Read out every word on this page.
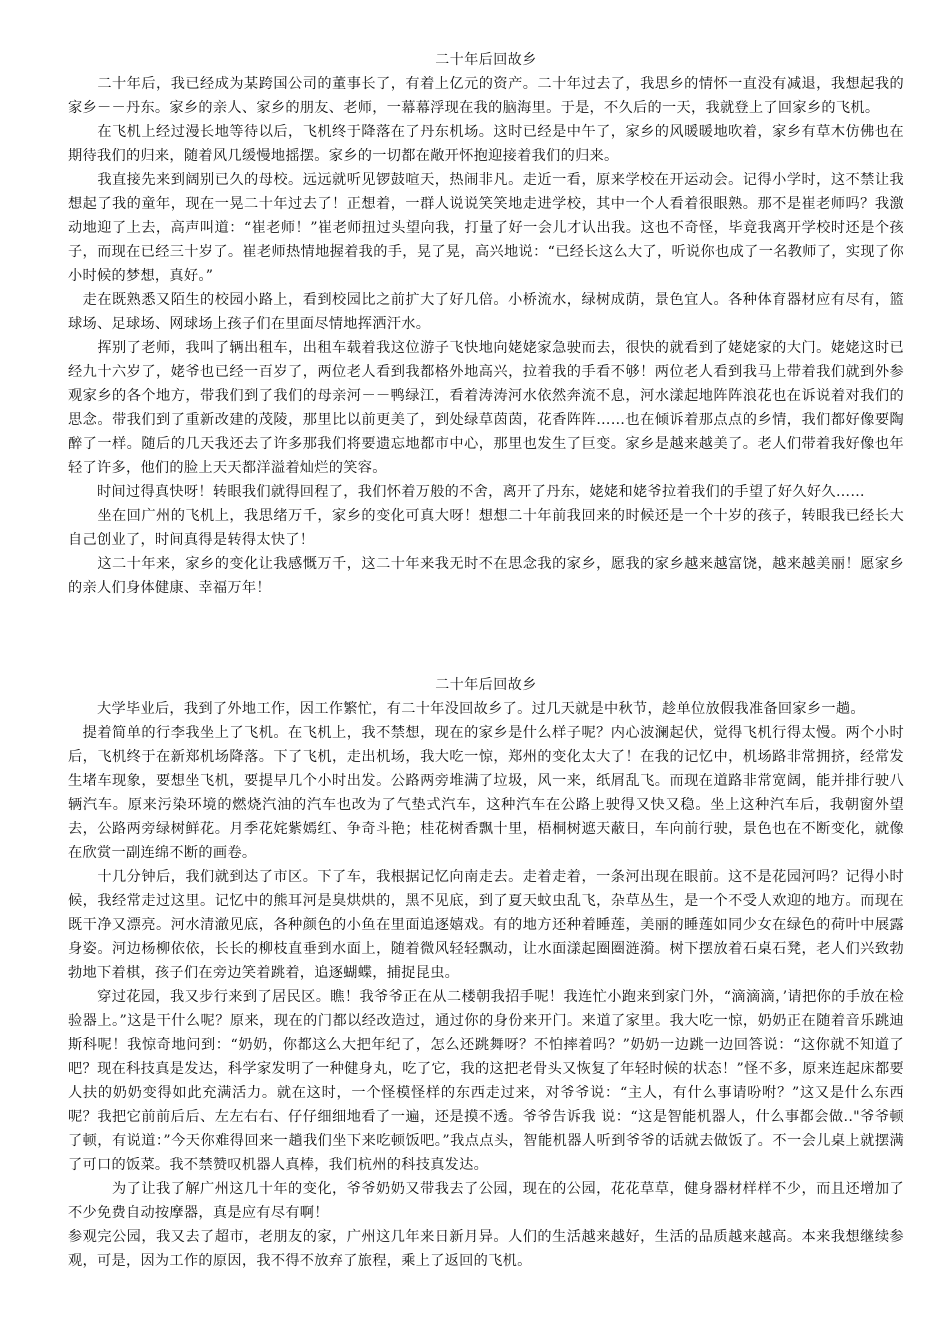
二十年后回故乡

　　二十年后，我已经成为某跨国公司的董事长了，有着上亿元的资产。二十年过去了，我思乡的情怀一直没有减退，我想起我的家乡－－丹东。家乡的亲人、家乡的朋友、老师，一幕幕浮现在我的脑海里。于是，不久后的一天，我就登上了回家乡的飞机。

　　在飞机上经过漫长地等待以后，飞机终于降落在了丹东机场。这时已经是中午了，家乡的风暖暖地吹着，家乡有草木仿佛也在期待我们的归来，随着风几缓慢地摇摆。家乡的一切都在敞开怀抱迎接着我们的归来。

　　我直接先来到阔别已久的母校。远远就听见锣鼓喧天，热闹非凡。走近一看，原来学校在开运动会。记得小学时，这不禁让我想起了我的童年，现在一晃二十年过去了！正想着，一群人说说笑笑地走进学校，其中一个人看着很眼熟。那不是崔老师吗？我激动地迎了上去，高声叫道：“崔老师！”崔老师扭过头望向我，打量了好一会儿才认出我。这也不奇怪，毕竟我离开学校时还是个孩子，而现在已经三十岁了。崔老师热情地握着我的手，晃了晃，高兴地说：“已经长这么大了，听说你也成了一名教师了，实现了你小时候的梦想，真好。”

　走在既熟悉又陌生的校园小路上，看到校园比之前扩大了好几倍。小桥流水，绿树成荫，景色宜人。各种体育器材应有尽有，篮球场、足球场、网球场上孩子们在里面尽情地挥洒汗水。

　　挥别了老师，我叫了辆出租车，出租车载着我这位游子飞快地向姥姥家急驶而去，很快的就看到了姥姥家的大门。姥姥这时已经九十六岁了，姥爷也已经一百岁了，两位老人看到我都格外地高兴，拉着我的手看不够！两位老人看到我马上带着我们就到外参观家乡的各个地方，带我们到了我们的母亲河－－鸭绿江，看着涛涛河水依然奔流不息，河水漾起地阵阵浪花也在诉说着对我们的思念。带我们到了重新改建的茂陵，那里比以前更美了，到处绿草茵茵，花香阵阵……也在倾诉着那点点的乡情，我们都好像要陶醉了一样。随后的几天我还去了许多那我们将要遗忘地都市中心，那里也发生了巨变。家乡是越来越美了。老人们带着我好像也年轻了许多，他们的脸上天天都洋溢着灿烂的笑容。

　　时间过得真快呀！转眼我们就得回程了，我们怀着万般的不舍，离开了丹东，姥姥和姥爷拉着我们的手望了好久好久……

　　坐在回广州的飞机上，我思绪万千，家乡的变化可真大呀！想想二十年前我回来的时候还是一个十岁的孩子，转眼我已经长大自己创业了，时间真得是转得太快了！

　　这二十年来，家乡的变化让我感慨万千，这二十年来我无时不在思念我的家乡，愿我的家乡越来越富饶，越来越美丽！愿家乡的亲人们身体健康、幸福万年！

二十年后回故乡

　　大学毕业后，我到了外地工作，因工作繁忙，有二十年没回故乡了。过几天就是中秋节，趁单位放假我准备回家乡一趟。

　提着简单的行李我坐上了飞机。在飞机上，我不禁想，现在的家乡是什么样子呢？内心波澜起伏，觉得飞机行得太慢。两个小时后，飞机终于在新郑机场降落。下了飞机，走出机场，我大吃一惊，郑州的变化太大了！在我的记忆中，机场路非常拥挤，经常发生堵车现象，要想坐飞机，要提早几个小时出发。公路两旁堆满了垃圾，风一来，纸屑乱飞。而现在道路非常宽阔，能并排行驶八辆汽车。原来污染环境的燃烧汽油的汽车也改为了气垫式汽车，这种汽车在公路上驶得又快又稳。坐上这种汽车后，我朝窗外望去，公路两旁绿树鲜花。月季花姹紫嫣红、争奇斗艳；桂花树香飘十里，梧桐树遮天蔽日，车向前行驶，景色也在不断变化，就像在欣赏一副连绵不断的画卷。

　　十几分钟后，我们就到达了市区。下了车，我根据记忆向南走去。走着走着，一条河出现在眼前。这不是花园河吗？记得小时候，我经常走过这里。记忆中的熊耳河是臭烘烘的，黑不见底，到了夏天蚊虫乱飞，杂草丛生，是一个不受人欢迎的地方。而现在既干净又漂亮。河水清澈见底，各种颜色的小鱼在里面追逐嬉戏。有的地方还种着睡莲，美丽的睡莲如同少女在绿色的荷叶中展露身姿。河边杨柳依依，长长的柳枝直垂到水面上，随着微风轻轻飘动，让水面漾起圈圈涟漪。树下摆放着石桌石凳，老人们兴致勃勃地下着棋，孩子们在旁边笑着跳着，追逐蝴蝶，捕捉昆虫。

　　穿过花园，我又步行来到了居民区。瞧！我爷爷正在从二楼朝我招手呢！我连忙小跑来到家门外，“滴滴滴，’请把你的手放在检验器上。”这是干什么呢？原来，现在的门都以经改造过，通过你的身份来开门。来道了家里。我大吃一惊，奶奶正在随着音乐跳迪斯科呢！我惊奇地问到：“奶奶，你都这么大把年纪了，怎么还跳舞呀？不怕摔着吗？”奶奶一边跳一边回答说：“这你就不知道了吧？现在科技真是发达，科学家发明了一种健身丸，吃了它，我的这把老骨头又恢复了年轻时候的状态！”怪不多，原来连起床都要人扶的奶奶变得如此充满活力。就在这时，一个怪模怪样的东西走过来，对爷爷说：“主人，有什么事请吩咐？”这又是什么东西呢？我把它前前后后、左左右右、仔仔细细地看了一遍，还是摸不透。爷爷告诉我 说：“这是智能机器人，什么事都会做.."爷爷顿了顿，有说道：”今天你难得回来一趟我们坐下来吃顿饭吧。”我点点头，智能机器人听到爷爷的话就去做饭了。不一会儿桌上就摆满了可口的饭菜。我不禁赞叹机器人真棒，我们杭州的科技真发达。

　　　为了让我了解广州这几十年的变化，爷爷奶奶又带我去了公园，现在的公园，花花草草，健身器材样样不少，而且还增加了不少免费自动按摩器，真是应有尽有啊！

参观完公园，我又去了超市，老朋友的家，广州这几年来日新月异。人们的生活越来越好，生活的品质越来越高。本来我想继续参观，可是，因为工作的原因，我不得不放弃了旅程，乘上了返回的飞机。
